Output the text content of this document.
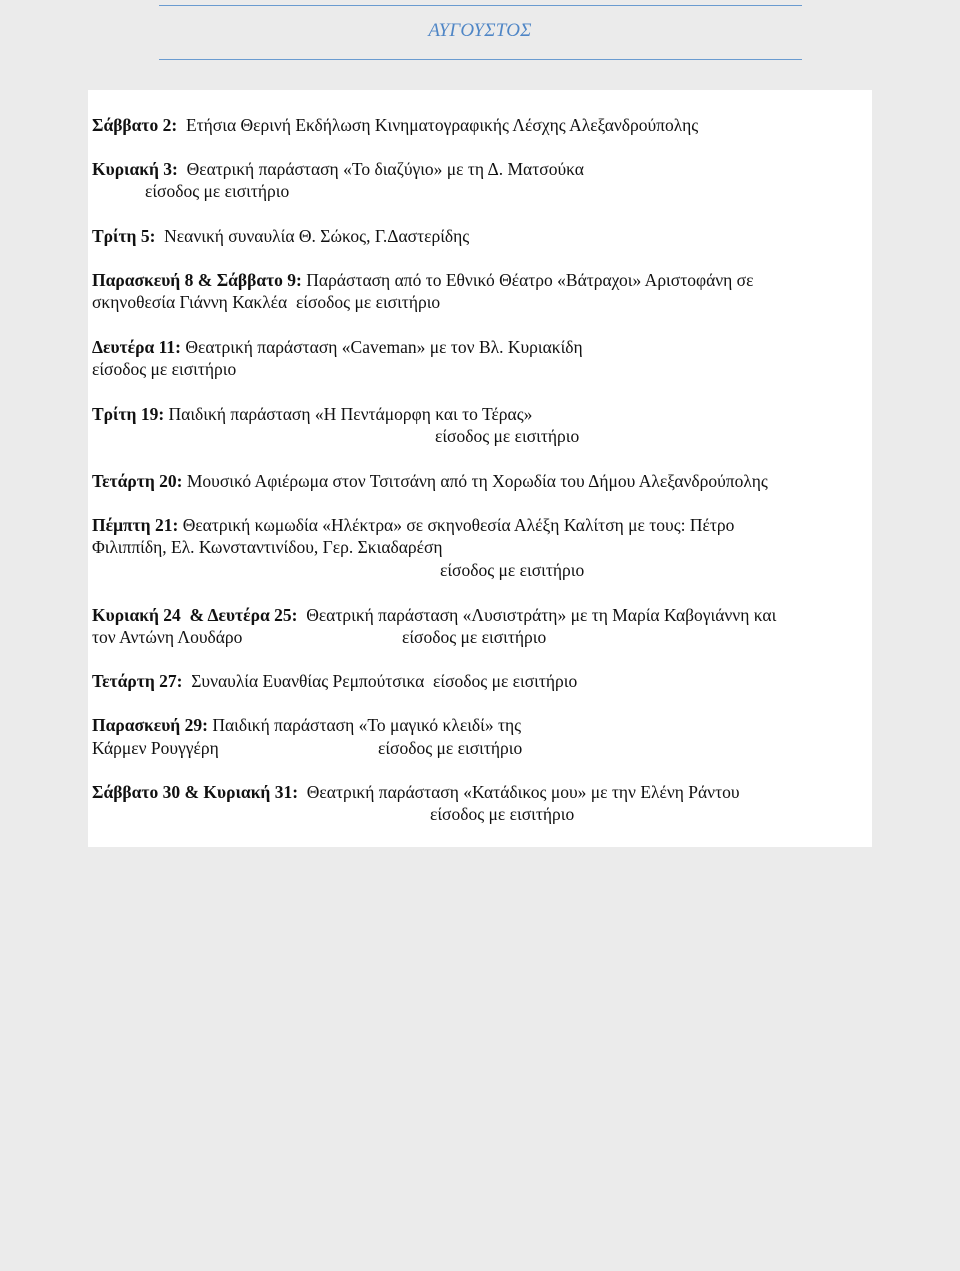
ΑΥΓΟΥΣΤΟΣ
Σάββατο 2:  Ετήσια Θερινή Εκδήλωση Κινηματογραφικής Λέσχης Αλεξανδρούπολης
Κυριακή 3:  Θεατρική παράσταση «Το διαζύγιο» με τη Δ. Ματσούκα
είσοδος με εισιτήριο
Τρίτη 5:  Νεανική συναυλία Θ. Σώκος, Γ.Δαστερίδης
Παρασκευή 8 & Σάββατο 9: Παράσταση από το Εθνικό Θέατρο «Βάτραχοι» Αριστοφάνη σε
σκηνοθεσία Γιάννη Κακλέα  είσοδος με εισιτήριο
Δευτέρα 11: Θεατρική παράσταση «Caveman» με τον Βλ. Κυριακίδη
είσοδος με εισιτήριο
Τρίτη 19: Παιδική παράσταση «Η Πεντάμορφη και το Τέρας»
είσοδος με εισιτήριο
Τετάρτη 20: Μουσικό Αφιέρωμα στον Τσιτσάνη από τη Χορωδία του Δήμου Αλεξανδρούπολης
Πέμπτη 21: Θεατρική κωμωδία «Ηλέκτρα» σε σκηνοθεσία Αλέξη Καλίτση με τους: Πέτρο
Φιλιππίδη, Ελ. Κωνσταντινίδου, Γερ. Σκιαδαρέση
είσοδος με εισιτήριο
Κυριακή 24  & Δευτέρα 25:  Θεατρική παράσταση «Λυσιστράτη» με τη Μαρία Καβογιάννη και
τον Αντώνη Λουδάρο	είσοδος με εισιτήριο
Τετάρτη 27:  Συναυλία Ευανθίας Ρεμπούτσικα  είσοδος με εισιτήριο
Παρασκευή 29: Παιδική παράσταση «Το μαγικό κλειδί» της
Κάρμεν Ρουγγέρη	είσοδος με εισιτήριο
Σάββατο 30 & Κυριακή 31:  Θεατρική παράσταση «Κατάδικος μου» με την Ελένη Ράντου
είσοδος με εισιτήριο
